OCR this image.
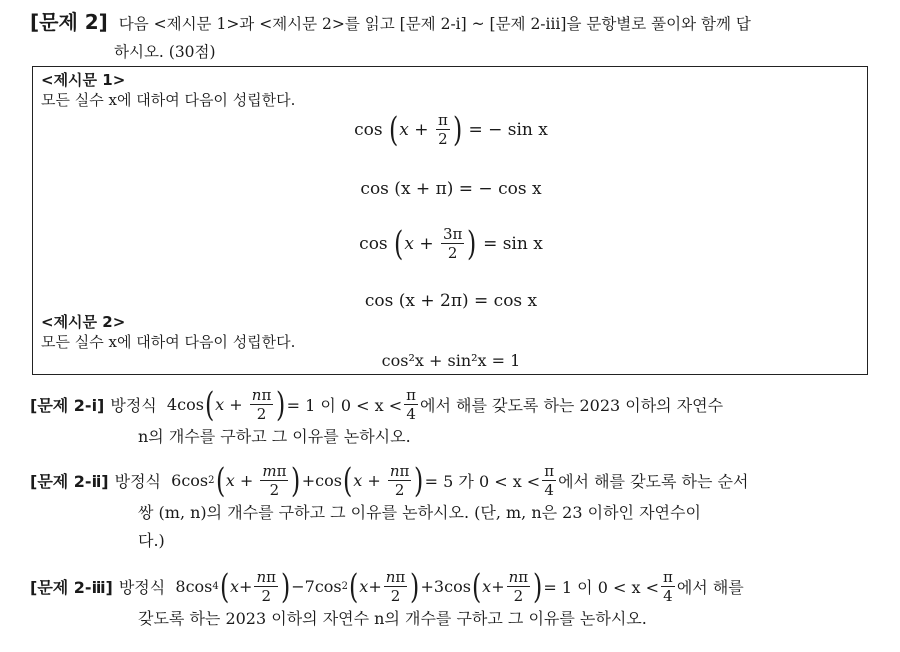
[문제 2] 다음 <제시문 1>과 <제시문 2>를 읽고 [문제 2-ⅰ] ~ [문제 2-ⅲ]을 문항별로 풀이와 함께 답
하시오. (30점)
<제시문 1>
모든 실수 x에 대하여 다음이 성립한다.
cos ( $x + \frac{\pi}{2}$ )
= − sin x
cos (x + π) = − cos x
cos ( $x + \frac{3\pi}{2}$ )
= sin x
cos (x + 2π) = cos x
<제시문 2>
모든 실수 x에 대하여 다음이 성립한다.
cos²x + sin²x = 1
[문제 2-ⅰ] 방정식 4cos ( $x + \frac{n\pi}{2}$ ) = 1 이 $0 < x < \frac{\pi}{4}$ 에서 해를 갖도록 하는 2023 이하의 자연수
n의 개수를 구하고 그 이유를 논하시오.
[문제 2-ⅱ] 방정식 6cos 2 ( $x + \frac{m\pi}{2}$ ) +cos ( $x + \frac{n\pi}{2}$ ) = 5 가 $0 < x < \frac{\pi}{4}$ 에서 해를 갖도록 하는 순서
쌍 (m, n)의 개수를 구하고 그 이유를 논하시오. (단, m, n은 23 이하인 자연수이
다.)
[문제 2-ⅲ] 방정식 8cos 4 ( $x + \frac{n\pi}{2}$ ) −7cos 2 ( $x + \frac{n\pi}{2}$ ) +3cos ( $x + \frac{n\pi}{2}$ ) = 1 이 $0 < x < \frac{\pi}{4}$ 에서 해를
갖도록 하는 2023 이하의 자연수 n의 개수를 구하고 그 이유를 논하시오.
